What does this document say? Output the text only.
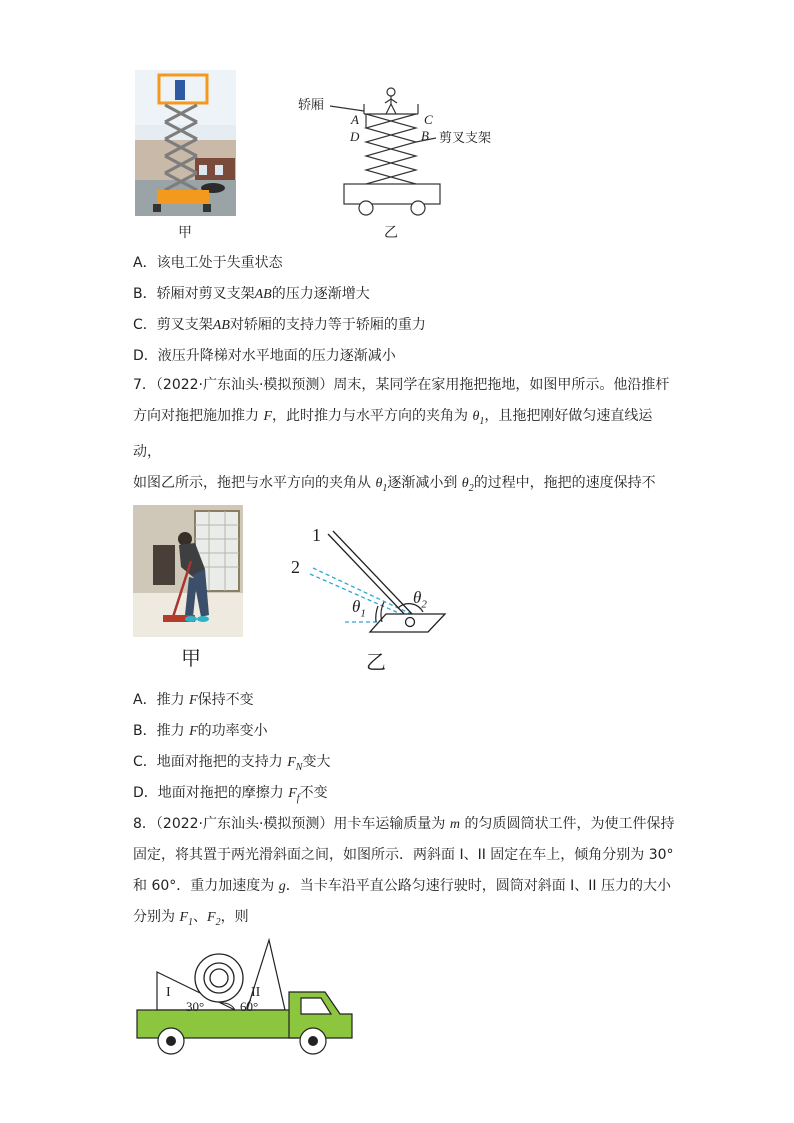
甲
轿厢
A	C
D	B 剪叉支架
乙
A．该电工处于失重状态
B．轿厢对剪叉支架AB的压力逐渐增大
C．剪叉支架AB对轿厢的支持力等于轿厢的重力
D．液压升降梯对水平地面的压力逐渐减小
7．（2022·广东汕头·模拟预测）周末，某同学在家用拖把拖地，如图甲所示。他沿推杆
方向对拖把施加推力 F，此时推力与水平方向的夹角为 $\theta_1$，且拖把刚好做匀速直线运动，
如图乙所示，拖把与水平方向的夹角从 $\theta_1$逐渐减小到 $\theta_2$的过程中，拖把的速度保持不
甲
1
2
$\theta_1$
$\theta_2$
乙
A．推力 F保持不变
B．推力 F的功率变小
C．地面对拖把的支持力 $F_N$变大
D．地面对拖把的摩擦力 $F_f$不变
8．（2022·广东汕头·模拟预测）用卡车运输质量为 m 的匀质圆筒状工件，为使工件保持
固定，将其置于两光滑斜面之间，如图所示．两斜面 I、II 固定在车上，倾角分别为 30°
和 60°．重力加速度为 g．当卡车沿平直公路匀速行驶时，圆筒对斜面 I、II 压力的大小
分别为 $F_1$、$F_2$，则
I	II
30°	60°
